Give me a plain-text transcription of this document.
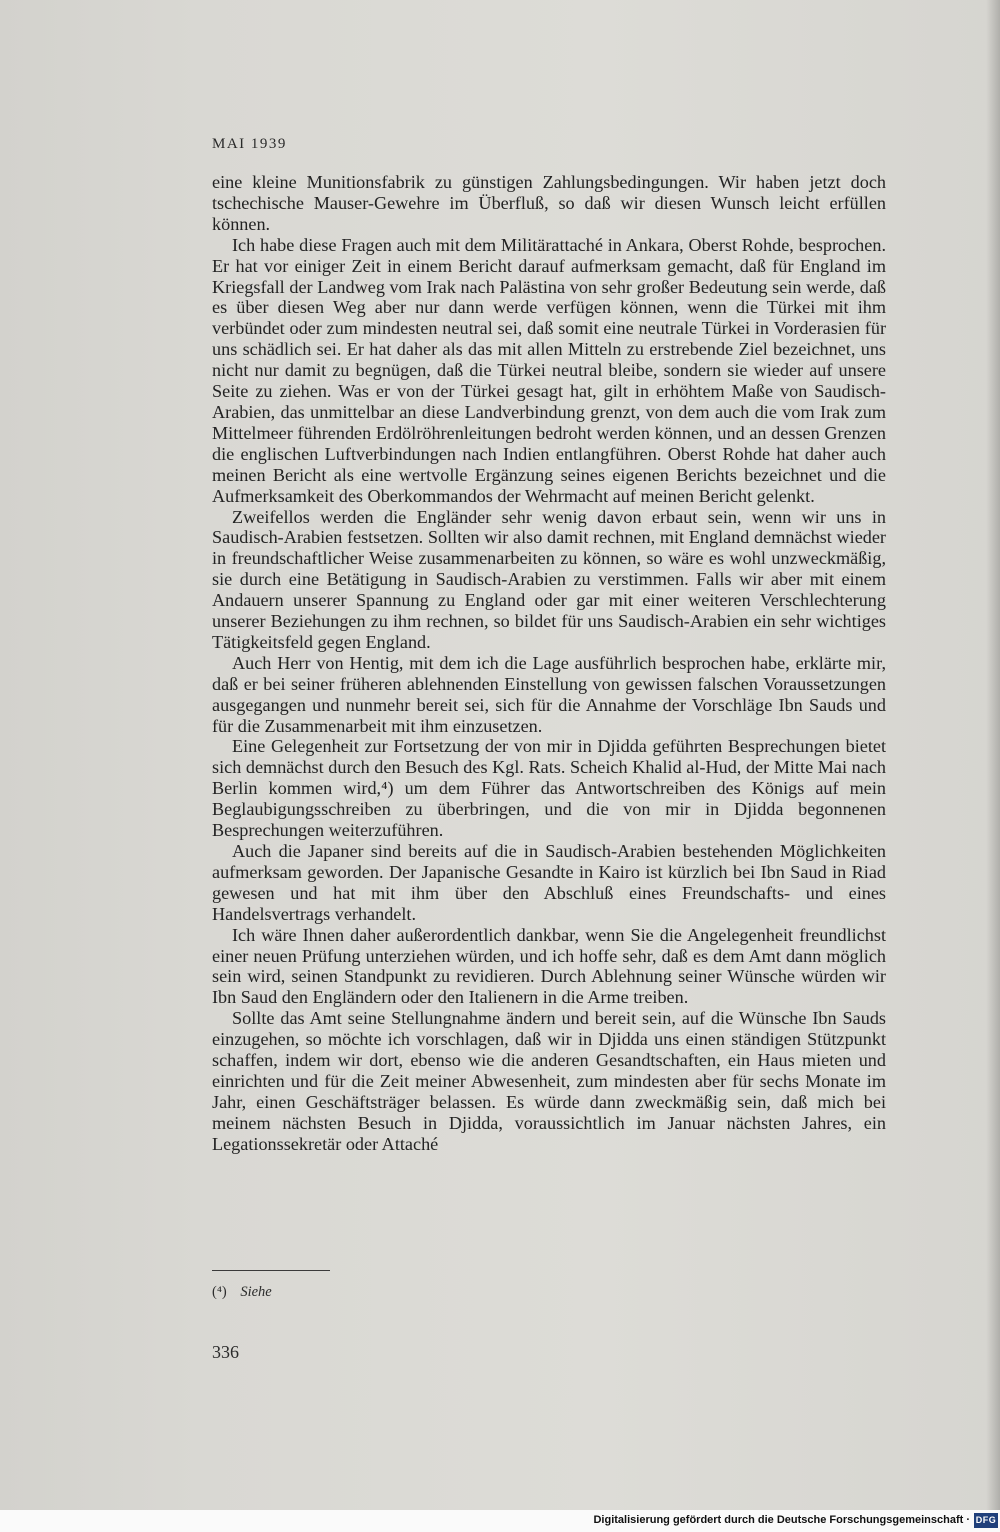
MAI 1939

eine kleine Munitionsfabrik zu günstigen Zahlungsbedingungen. Wir haben jetzt doch tschechische Mauser-Gewehre im Überfluß, so daß wir diesen Wunsch leicht erfüllen können.

Ich habe diese Fragen auch mit dem Militärattaché in Ankara, Oberst Rohde, besprochen. Er hat vor einiger Zeit in einem Bericht darauf aufmerksam gemacht, daß für England im Kriegsfall der Landweg vom Irak nach Palästina von sehr großer Bedeutung sein werde, daß es über diesen Weg aber nur dann werde verfügen können, wenn die Türkei mit ihm verbündet oder zum mindesten neutral sei, daß somit eine neutrale Türkei in Vorderasien für uns schädlich sei. Er hat daher als das mit allen Mitteln zu erstrebende Ziel bezeichnet, uns nicht nur damit zu begnügen, daß die Türkei neutral bleibe, sondern sie wieder auf unsere Seite zu ziehen. Was er von der Türkei gesagt hat, gilt in erhöhtem Maße von Saudisch-Arabien, das unmittelbar an diese Landverbindung grenzt, von dem auch die vom Irak zum Mittelmeer führenden Erdölröhrenleitungen bedroht werden können, und an dessen Grenzen die englischen Luftverbindungen nach Indien entlangführen. Oberst Rohde hat daher auch meinen Bericht als eine wertvolle Ergänzung seines eigenen Berichts bezeichnet und die Aufmerksamkeit des Oberkommandos der Wehrmacht auf meinen Bericht gelenkt.

Zweifellos werden die Engländer sehr wenig davon erbaut sein, wenn wir uns in Saudisch-Arabien festsetzen. Sollten wir also damit rechnen, mit England demnächst wieder in freundschaftlicher Weise zusammenarbeiten zu können, so wäre es wohl unzweckmäßig, sie durch eine Betätigung in Saudisch-Arabien zu verstimmen. Falls wir aber mit einem Andauern unserer Spannung zu England oder gar mit einer weiteren Verschlechterung unserer Beziehungen zu ihm rechnen, so bildet für uns Saudisch-Arabien ein sehr wichtiges Tätigkeitsfeld gegen England.

Auch Herr von Hentig, mit dem ich die Lage ausführlich besprochen habe, erklärte mir, daß er bei seiner früheren ablehnenden Einstellung von gewissen falschen Voraussetzungen ausgegangen und nunmehr bereit sei, sich für die Annahme der Vorschläge Ibn Sauds und für die Zusammenarbeit mit ihm einzusetzen.

Eine Gelegenheit zur Fortsetzung der von mir in Djidda geführten Besprechungen bietet sich demnächst durch den Besuch des Kgl. Rats. Scheich Khalid al-Hud, der Mitte Mai nach Berlin kommen wird,⁴) um dem Führer das Antwortschreiben des Königs auf mein Beglaubigungsschreiben zu überbringen, und die von mir in Djidda begonnenen Besprechungen weiterzuführen.

Auch die Japaner sind bereits auf die in Saudisch-Arabien bestehenden Möglichkeiten aufmerksam geworden. Der Japanische Gesandte in Kairo ist kürzlich bei Ibn Saud in Riad gewesen und hat mit ihm über den Abschluß eines Freundschafts- und eines Handelsvertrags verhandelt.

Ich wäre Ihnen daher außerordentlich dankbar, wenn Sie die Angelegenheit freundlichst einer neuen Prüfung unterziehen würden, und ich hoffe sehr, daß es dem Amt dann möglich sein wird, seinen Standpunkt zu revidieren. Durch Ablehnung seiner Wünsche würden wir Ibn Saud den Engländern oder den Italienern in die Arme treiben.

Sollte das Amt seine Stellungnahme ändern und bereit sein, auf die Wünsche Ibn Sauds einzugehen, so möchte ich vorschlagen, daß wir in Djidda uns einen ständigen Stützpunkt schaffen, indem wir dort, ebenso wie die anderen Gesandtschaften, ein Haus mieten und einrichten und für die Zeit meiner Abwesenheit, zum mindesten aber für sechs Monate im Jahr, einen Geschäftsträger belassen. Es würde dann zweckmäßig sein, daß mich bei meinem nächsten Besuch in Djidda, voraussichtlich im Januar nächsten Jahres, ein Legationssekretär oder Attaché

(⁴) Siehe
336
Digitalisierung gefördert durch die Deutsche Forschungsgemeinschaft · DFG
